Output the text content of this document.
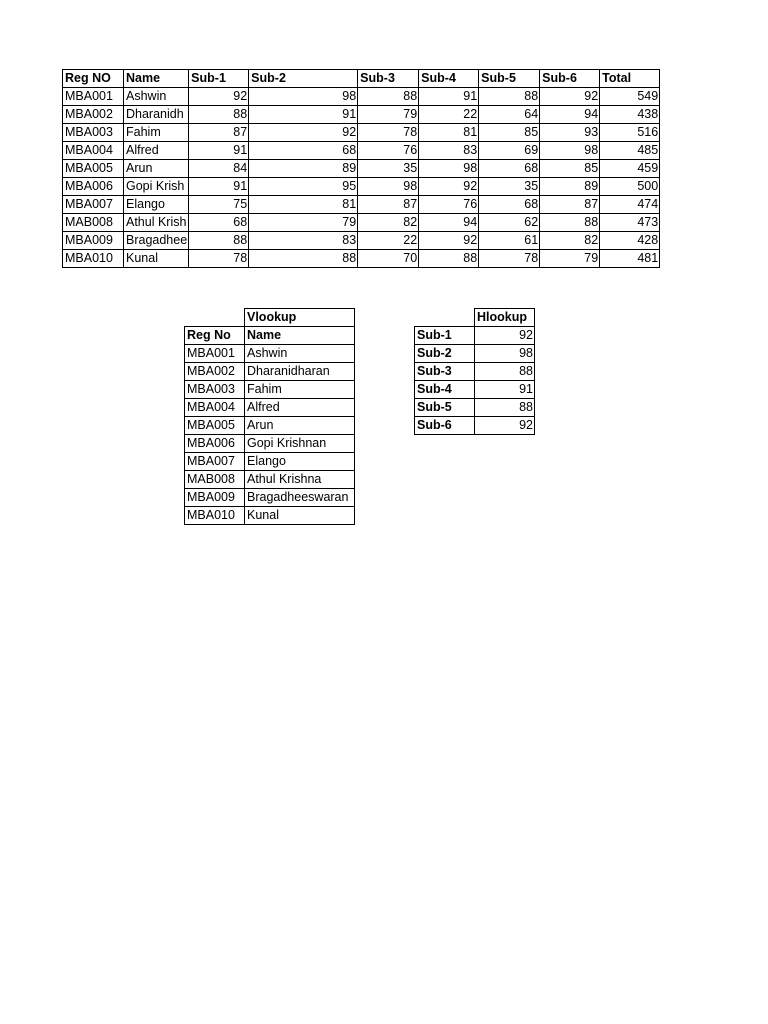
Reg NO	Name	Sub-1	Sub-2	Sub-3	Sub-4	Sub-5	Sub-6	Total
MBA001	Ashwin	92	98	88	91	88	92	549
MBA002	Dharanidh	88	91	79	22	64	94	438
MBA003	Fahim	87	92	78	81	85	93	516
MBA004	Alfred	91	68	76	83	69	98	485
MBA005	Arun	84	89	35	98	68	85	459
MBA006	Gopi Krish	91	95	98	92	35	89	500
MBA007	Elango	75	81	87	76	68	87	474
MAB008	Athul Krish	68	79	82	94	62	88	473
MBA009	Bragadhee	88	83	22	92	61	82	428
MBA010	Kunal	78	88	70	88	78	79	481
	Vlookup
Reg No	Name
MBA001	Ashwin
MBA002	Dharanidharan
MBA003	Fahim
MBA004	Alfred
MBA005	Arun
MBA006	Gopi Krishnan
MBA007	Elango
MAB008	Athul Krishna
MBA009	Bragadheeswaran
MBA010	Kunal
	Hlookup
Sub-1	92
Sub-2	98
Sub-3	88
Sub-4	91
Sub-5	88
Sub-6	92
